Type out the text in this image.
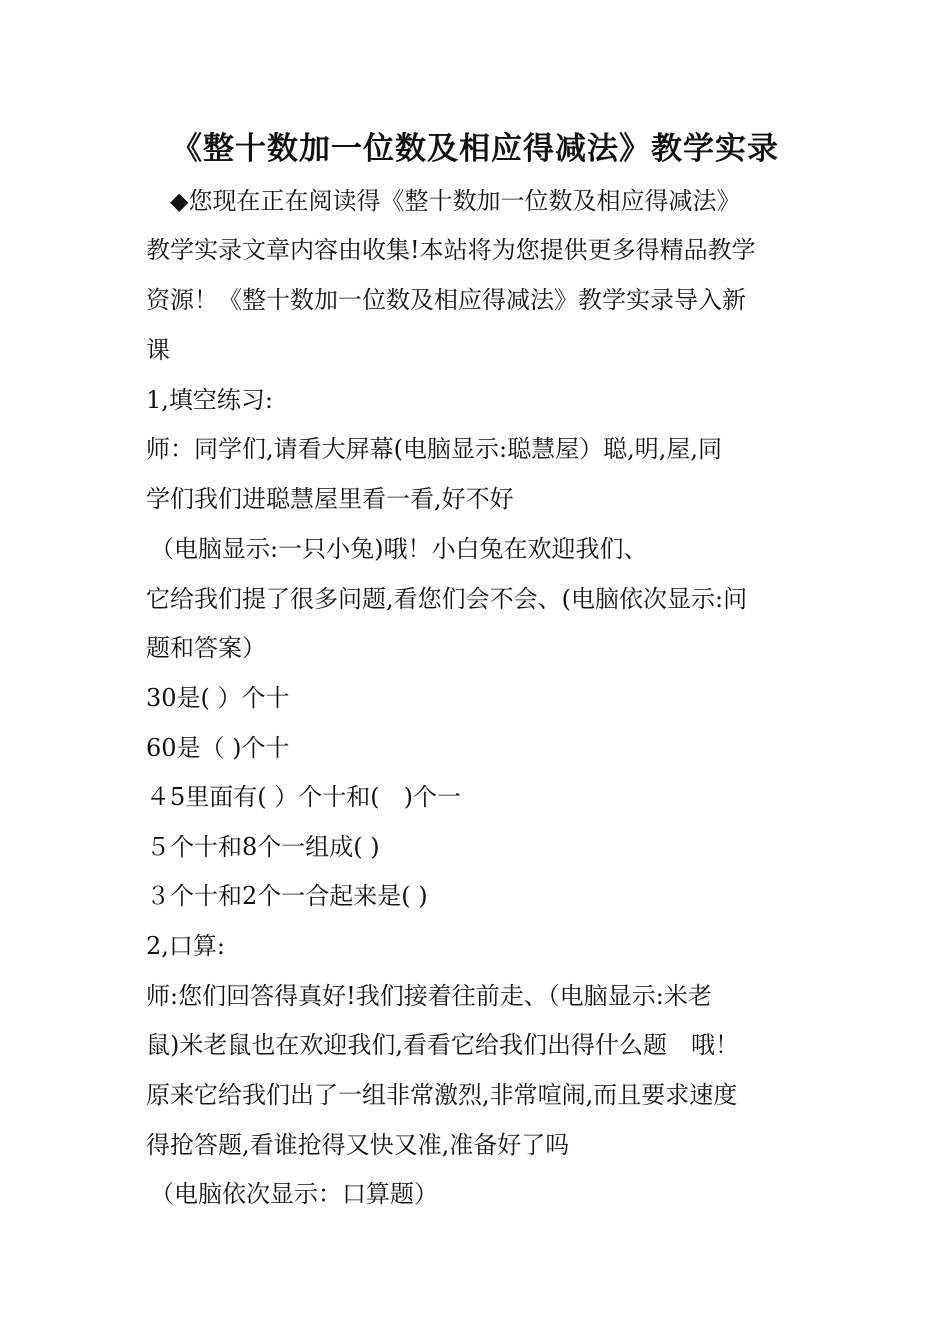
《整十数加一位数及相应得减法》教学实录
◆您现在正在阅读得《整十数加一位数及相应得减法》
教学实录文章内容由收集!本站将为您提供更多得精品教学
资源！《整十数加一位数及相应得减法》教学实录导入新
课
1,填空练习:
师：同学们,请看大屏幕(电脑显示:聪慧屋）聪,明,屋,同
学们我们进聪慧屋里看一看,好不好
（电脑显示:一只小兔)哦！小白兔在欢迎我们、
它给我们提了很多问题,看您们会不会、(电脑依次显示:问
题和答案）
30是( ）个十
60是（ )个十
４5里面有( ）个十和(　)个一
５个十和8个一组成( )
３个十和2个一合起来是( )
2,口算:
师:您们回答得真好!我们接着往前走、（电脑显示:米老
鼠)米老鼠也在欢迎我们,看看它给我们出得什么题　哦！
原来它给我们出了一组非常激烈,非常喧闹,而且要求速度
得抢答题,看谁抢得又快又准,准备好了吗
（电脑依次显示：口算题）
